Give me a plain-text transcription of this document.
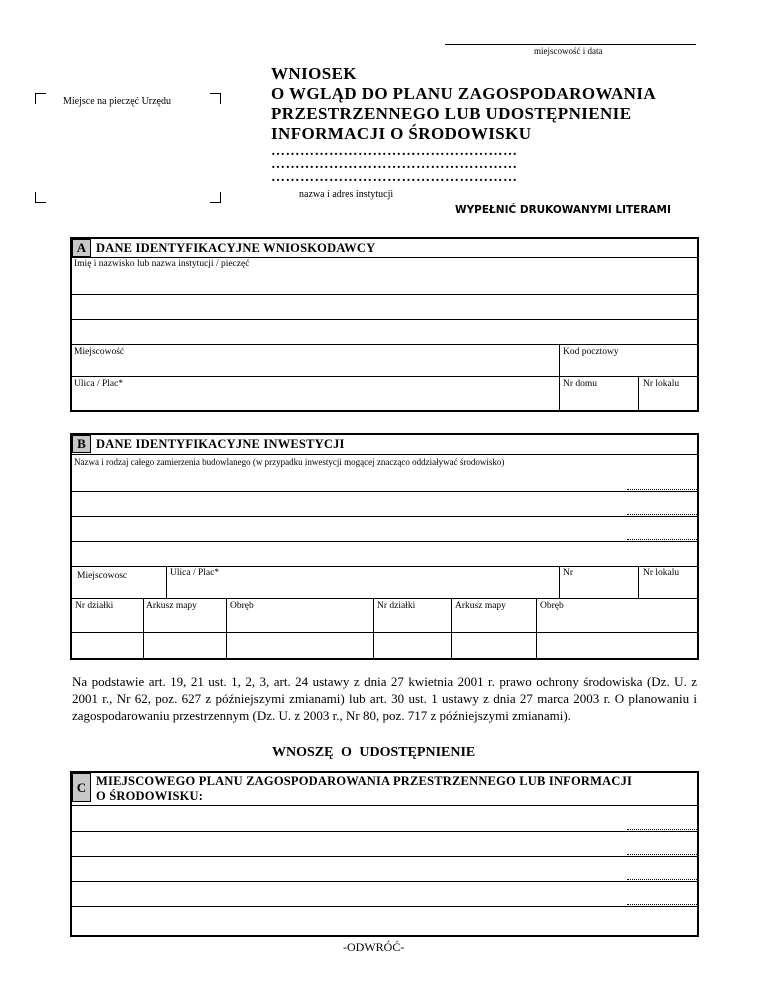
miejscowość i data
Miejsce na pieczęć Urzędu
WNIOSEK
O WGLĄD DO PLANU ZAGOSPODAROWANIA
PRZESTRZENNEGO LUB UDOSTĘPNIENIE
INFORMACJI O ŚRODOWISKU
……………………………………………
……………………………………………
……………………………………………
nazwa i adres instytucji
WYPEŁNIĆ DRUKOWANYMI LITERAMI
A DANE IDENTYFIKACYJNE WNIOSKODAWCY
Imię i nazwisko lub nazwa instytucji / pieczęć
Miejscowość	Kod pocztowy
Ulica / Plac*	Nr domu	Nr lokalu
B DANE IDENTYFIKACYJNE INWESTYCJI
Nazwa i rodzaj całego zamierzenia budowlanego (w przypadku inwestycji mogącej znacząco oddziaływać środowisko)
Miejscowosc	Ulica / Plac*	Nr	Nr lokalu
Nr działki	Arkusz mapy	Obręb	Nr działki	Arkusz mapy	Obręb
Na podstawie art. 19, 21 ust. 1, 2, 3, art. 24 ustawy z dnia 27 kwietnia 2001 r. prawo ochrony środowiska (Dz. U. z 2001 r., Nr 62, poz. 627 z późniejszymi zmianami) lub art. 30 ust. 1 ustawy z dnia 27 marca 2003 r. O planowaniu i zagospodarowaniu przestrzennym (Dz. U. z 2003 r., Nr 80, poz. 717 z późniejszymi zmianami).
WNOSZĘ O UDOSTĘPNIENIE
C MIEJSCOWEGO PLANU ZAGOSPODAROWANIA PRZESTRZENNEGO LUB INFORMACJI
O ŚRODOWISKU:
-ODWRÓĆ-
